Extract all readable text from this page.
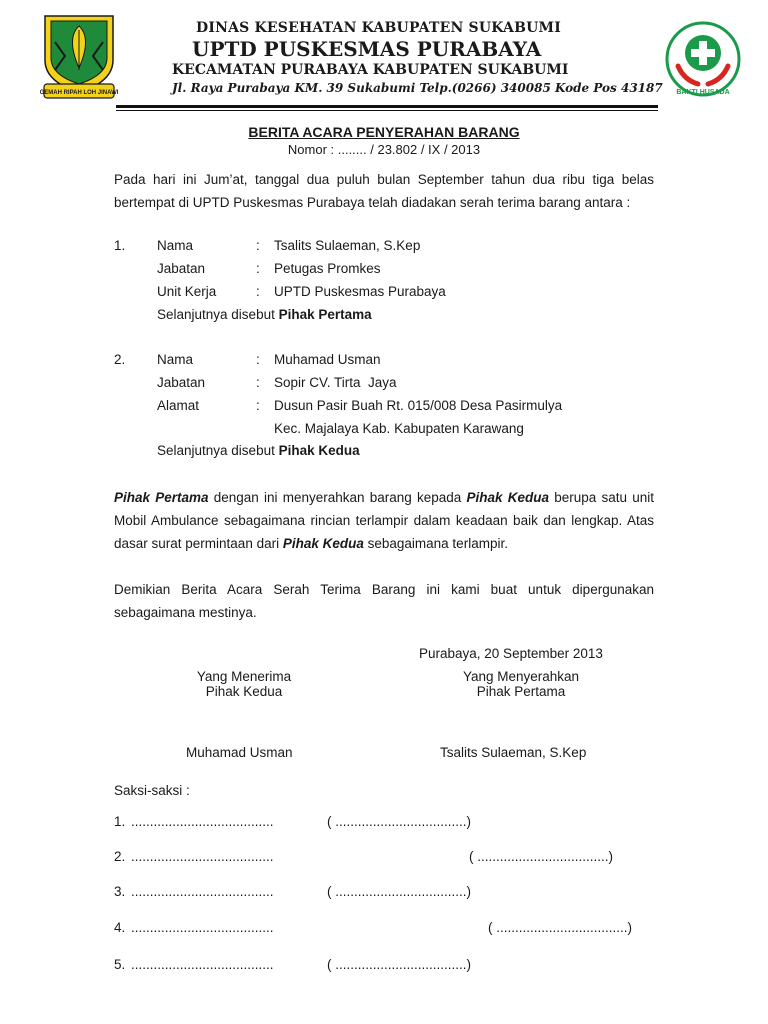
GEMAH RIPAH LOH JINAWI	BAKTI HUSADA
DINAS KESEHATAN KABUPATEN SUKABUMI
UPTD PUSKESMAS PURABAYA
KECAMATAN PURABAYA KABUPATEN SUKABUMI
Jl. Raya Purabaya KM. 39 Sukabumi Telp.(0266) 340085 Kode Pos 43187
BERITA ACARA PENYERAHAN BARANG
Nomor : ........ / 23.802 / IX / 2013
Pada hari ini Jum’at, tanggal dua puluh bulan September tahun dua ribu tiga belas bertempat di UPTD Puskesmas Purabaya telah diadakan serah terima barang antara :
1. Nama	: Tsalits Sulaeman, S.Kep
Jabatan	: Petugas Promkes
Unit Kerja	: UPTD Puskesmas Purabaya
Selanjutnya disebut Pihak Pertama
2. Nama	: Muhamad Usman
Jabatan	: Sopir CV. Tirta  Jaya
Alamat	: Dusun Pasir Buah Rt. 015/008 Desa Pasirmulya
Kec. Majalaya Kab. Kabupaten Karawang
Selanjutnya disebut Pihak Kedua
Pihak Pertama dengan ini menyerahkan barang kepada Pihak Kedua berupa satu unit Mobil Ambulance sebagaimana rincian terlampir dalam keadaan baik dan lengkap. Atas dasar surat permintaan dari Pihak Kedua sebagaimana terlampir.
Demikian Berita Acara Serah Terima Barang ini kami buat untuk dipergunakan sebagaimana mestinya.
Purabaya, 20 September 2013
Yang Menerima
Pihak Kedua
Yang Menyerahkan
Pihak Pertama
Muhamad Usman	Tsalits Sulaeman, S.Kep
Saksi-saksi :
1. ......................................	( ...................................)
2. ......................................	( ...................................)
3. ......................................	( ...................................)
4. ......................................	( ...................................)
5. ......................................	( ...................................)
